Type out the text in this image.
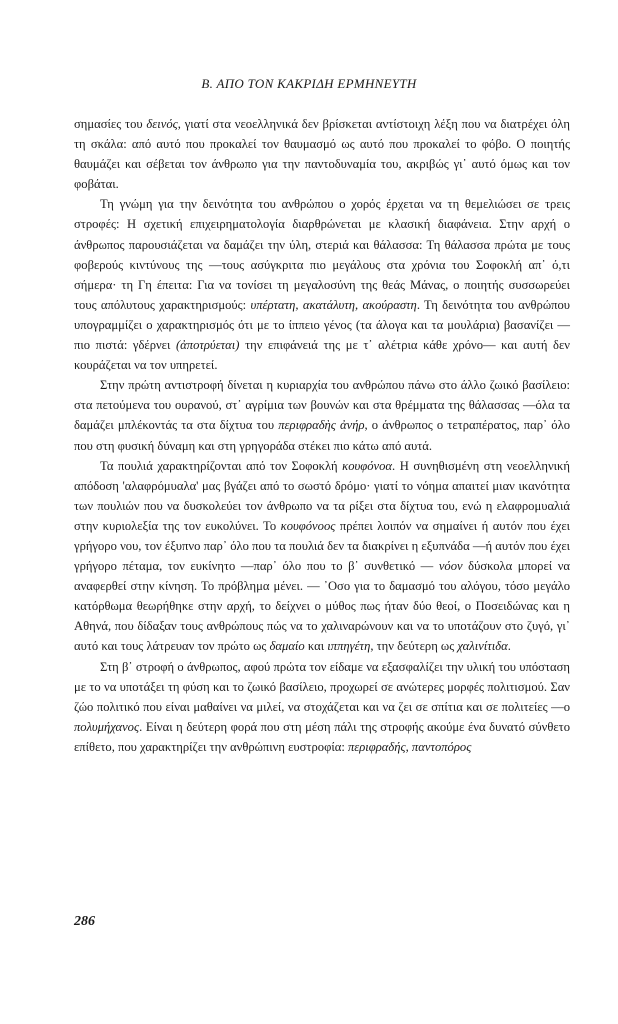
Β. ΑΠΟ ΤΟΝ ΚΑΚΡΙΔΗ ΕΡΜΗΝΕΥΤΗ

σημασίες του δεινός, γιατί στα νεοελληνικά δεν βρίσκεται αντίστοιχη λέξη που να διατρέχει όλη τη σκάλα: από αυτό που προκαλεί τον θαυμασμό ως αυτό που προκαλεί το φόβο. Ο ποιητής θαυμάζει και σέβεται τον άνθρωπο για την παντοδυναμία του, ακριβώς γι᾽ αυτό όμως και τον φοβάται.

Τη γνώμη για την δεινότητα του ανθρώπου ο χορός έρχεται να τη θεμελιώσει σε τρεις στροφές: Η σχετική επιχειρηματολογία διαρθρώνεται με κλασική διαφάνεια. Στην αρχή ο άνθρωπος παρουσιάζεται να δαμάζει την ύλη, στεριά και θάλασσα: Τη θάλασσα πρώτα με τους φοβερούς κιντύνους της —τους ασύγκριτα πιο μεγάλους στα χρόνια του Σοφοκλή απ᾽ ό,τι σήμερα· τη Γη έπειτα: Για να τονίσει τη μεγαλοσύνη της θεάς Μάνας, ο ποιητής συσσωρεύει τους απόλυτους χαρακτηρισμούς: υπέρτατη, ακατάλυτη, ακούραστη. Τη δεινότητα του ανθρώπου υπογραμμίζει ο χαρακτηρισμός ότι με το ίππειο γένος (τα άλογα και τα μουλάρια) βασανίζει —πιο πιστά: γδέρνει (ἀποτρύεται) την επιφάνειά της με τ᾽ αλέτρια κάθε χρόνο— και αυτή δεν κουράζεται να τον υπηρετεί.

Στην πρώτη αντιστροφή δίνεται η κυριαρχία του ανθρώπου πάνω στο άλλο ζωικό βασίλειο: στα πετούμενα του ουρανού, στ᾽ αγρίμια των βουνών και στα θρέμματα της θάλασσας —όλα τα δαμάζει μπλέκοντάς τα στα δίχτυα του περιφραδὴς ἀνήρ, ο άνθρωπος ο τετραπέρατος, παρ᾽ όλο που στη φυσική δύναμη και στη γρηγοράδα στέκει πιο κάτω από αυτά.

Τα πουλιά χαρακτηρίζονται από τον Σοφοκλή κουφόνοα. Η συνηθισμένη στη νεοελληνική απόδοση 'αλαφρόμυαλα' μας βγάζει από το σωστό δρόμο· γιατί το νόημα απαιτεί μιαν ικανότητα των πουλιών που να δυσκολεύει τον άνθρωπο να τα ρίξει στα δίχτυα του, ενώ η ελαφρομυαλιά στην κυριολεξία της τον ευκολύνει. Το κουφόνοος πρέπει λοιπόν να σημαίνει ή αυτόν που έχει γρήγορο νου, τον έξυπνο παρ᾽ όλο που τα πουλιά δεν τα διακρίνει η εξυπνάδα —ή αυτόν που έχει γρήγορο πέταμα, τον ευκίνητο —παρ᾽ όλο που το β᾽ συνθετικό — νόον δύσκολα μπορεί να αναφερθεί στην κίνηση. Το πρόβλημα μένει. — ᾽Οσο για το δαμασμό του αλόγου, τόσο μεγάλο κατόρθωμα θεωρήθηκε στην αρχή, το δείχνει ο μύθος πως ήταν δύο θεοί, ο Ποσειδώνας και η Αθηνά, που δίδαξαν τους ανθρώπους πώς να το χαλιναρώνουν και να το υποτάζουν στο ζυγό, γι᾽ αυτό και τους λάτρευαν τον πρώτο ως δαμαίο και ιππηγέτη, την δεύτερη ως χαλινίτιδα.

Στη β᾽ στροφή ο άνθρωπος, αφού πρώτα τον είδαμε να εξασφαλίζει την υλική του υπόσταση με το να υποτάξει τη φύση και το ζωικό βασίλειο, προχωρεί σε ανώτερες μορφές πολιτισμού. Σαν ζώο πολιτικό που είναι μαθαίνει να μιλεί, να στοχάζεται και να ζει σε σπίτια και σε πολιτείες —ο πολυμήχανος. Είναι η δεύτερη φορά που στη μέση πάλι της στροφής ακούμε ένα δυνατό σύνθετο επίθετο, που χαρακτηρίζει την ανθρώπινη ευστροφία: περιφραδής, παντοπόρος

286
